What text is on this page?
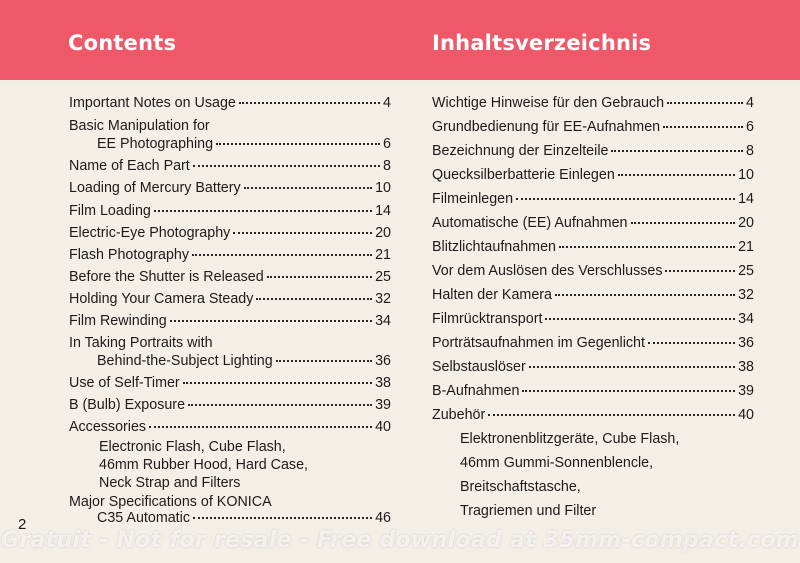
Contents	Inhaltsverzeichnis
Important Notes on Usage	4
Basic Manipulation for
EE Photographing	6
Name of Each Part	8
Loading of Mercury Battery	10
Film Loading	14
Electric-Eye Photography	20
Flash Photography	21
Before the Shutter is Released	25
Holding Your Camera Steady	32
Film Rewinding	34
In Taking Portraits with
Behind-the-Subject Lighting	36
Use of Self-Timer	38
B (Bulb) Exposure	39
Accessories	40
Electronic Flash, Cube Flash,
46mm Rubber Hood, Hard Case,
Neck Strap and Filters
Major Specifications of KONICA
C35 Automatic	46
Wichtige Hinweise für den Gebrauch	4
Grundbedienung für EE-Aufnahmen	6
Bezeichnung der Einzelteile	8
Quecksilberbatterie Einlegen	10
Filmeinlegen	14
Automatische (EE) Aufnahmen	20
Blitzlichtaufnahmen	21
Vor dem Auslösen des Verschlusses	25
Halten der Kamera	32
Filmrücktransport	34
Porträtsaufnahmen im Gegenlicht	36
Selbstauslöser	38
B-Aufnahmen	39
Zubehör	40
Elektronenblitzgeräte, Cube Flash,
46mm Gummi-Sonnenblencle,
Breitschaftstasche,
Tragriemen und Filter
2
Gratuit - Not for resale - Free download at 35mm-compact.com
